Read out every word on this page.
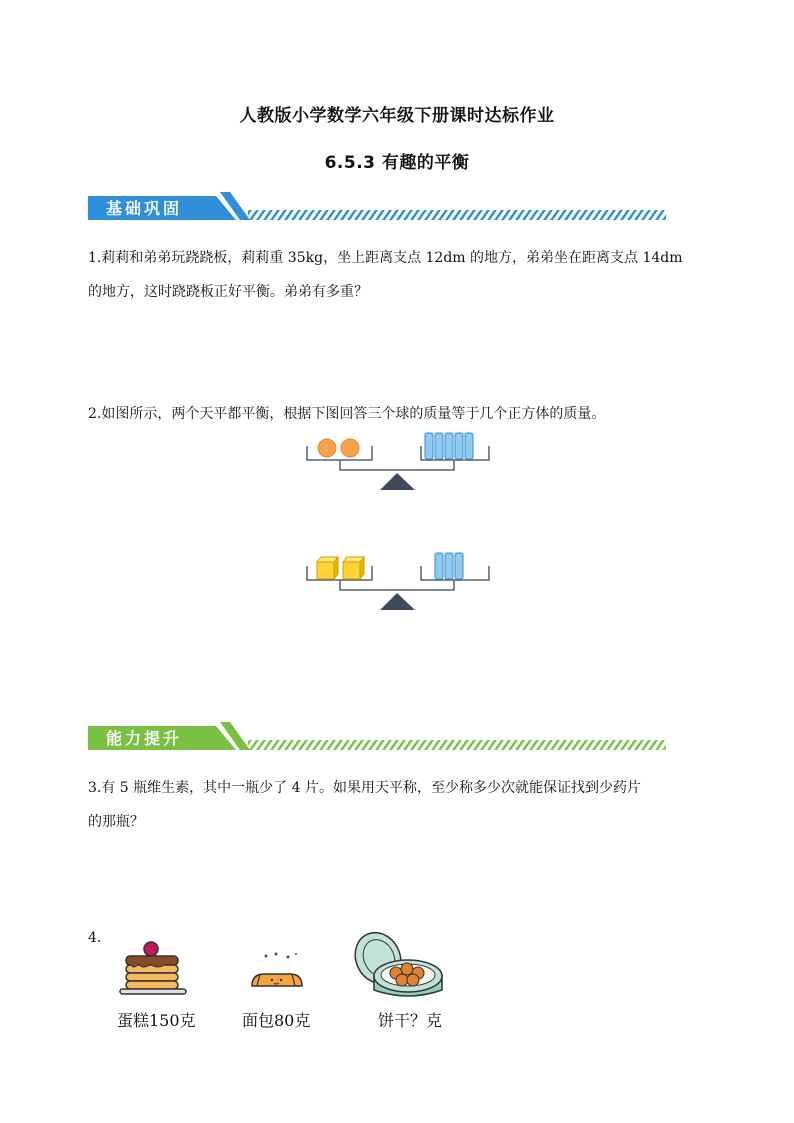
人教版小学数学六年级下册课时达标作业
6.5.3 有趣的平衡
基础巩固
1.莉莉和弟弟玩跷跷板，莉莉重 35kg，坐上距离支点 12dm 的地方，弟弟坐在距离支点 14dm
的地方，这时跷跷板正好平衡。弟弟有多重？
2.如图所示，两个天平都平衡，根据下图回答三个球的质量等于几个正方体的质量。
能力提升
3.有 5 瓶维生素，其中一瓶少了 4 片。如果用天平称，至少称多少次就能保证找到少药片
的那瓶？
4.
蛋糕150克	面包80克	饼干？克
